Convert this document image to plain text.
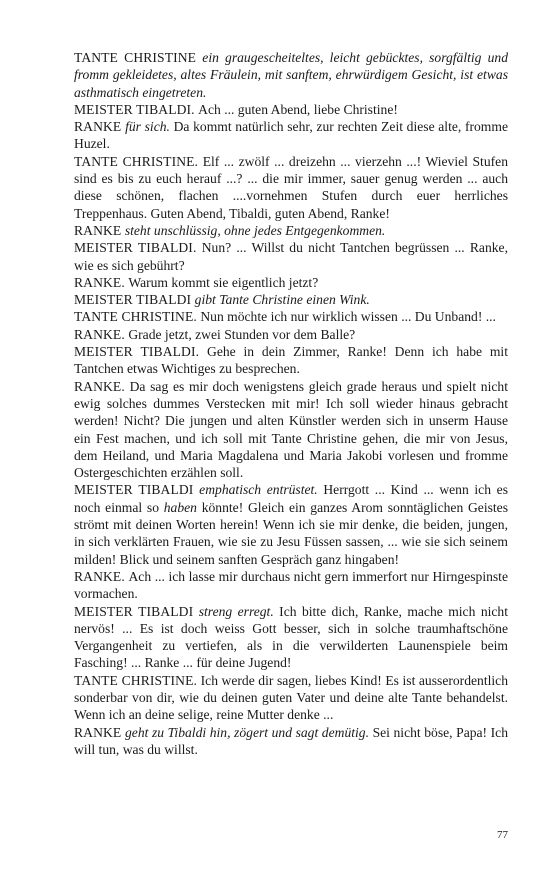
TANTE CHRISTINE ein graugescheiteltes, leicht gebücktes, sorgfältig und fromm gekleidetes, altes Fräulein, mit sanftem, ehrwürdigem Gesicht, ist etwas asthmatisch eingetreten.

MEISTER TIBALDI. Ach ... guten Abend, liebe Christine!

RANKE für sich. Da kommt natürlich sehr, zur rechten Zeit diese alte, fromme Huzel.

TANTE CHRISTINE. Elf ... zwölf ... dreizehn ... vierzehn ...! Wieviel Stufen sind es bis zu euch herauf ...? ... die mir immer, sauer genug werden ... auch diese schönen, flachen ....vornehmen Stufen durch euer herrliches Treppenhaus. Guten Abend, Tibaldi, guten Abend, Ranke!

RANKE steht unschlüssig, ohne jedes Entgegenkommen.

MEISTER TIBALDI. Nun? ... Willst du nicht Tantchen begrüssen ... Ranke, wie es sich gebührt?

RANKE. Warum kommt sie eigentlich jetzt?

MEISTER TIBALDI gibt Tante Christine einen Wink.

TANTE CHRISTINE. Nun möchte ich nur wirklich wissen ... Du Unband! ...

RANKE. Grade jetzt, zwei Stunden vor dem Balle?

MEISTER TIBALDI. Gehe in dein Zimmer, Ranke! Denn ich habe mit Tantchen etwas Wichtiges zu besprechen.

RANKE. Da sag es mir doch wenigstens gleich grade heraus und spielt nicht ewig solches dummes Verstecken mit mir! Ich soll wieder hinaus gebracht werden! Nicht? Die jungen und alten Künstler werden sich in unserm Hause ein Fest machen, und ich soll mit Tante Christine gehen, die mir von Jesus, dem Heiland, und Maria Magdalena und Maria Jakobi vorlesen und fromme Ostergeschichten erzählen soll.

MEISTER TIBALDI emphatisch entrüstet. Herrgott ... Kind ... wenn ich es noch einmal so haben könnte! Gleich ein ganzes Arom sonntäglichen Geistes strömt mit deinen Worten herein! Wenn ich sie mir denke, die beiden, jungen, in sich verklärten Frauen, wie sie zu Jesu Füssen sassen, ... wie sie sich seinem milden! Blick und seinem sanften Gespräch ganz hingaben!

RANKE. Ach ... ich lasse mir durchaus nicht gern immerfort nur Hirngespinste vormachen.

MEISTER TIBALDI streng erregt. Ich bitte dich, Ranke, mache mich nicht nervös! ... Es ist doch weiss Gott besser, sich in solche traumhaftschöne Vergangenheit zu vertiefen, als in die verwilderten Launenspiele beim Fasching! ... Ranke ... für deine Jugend!

TANTE CHRISTINE. Ich werde dir sagen, liebes Kind! Es ist ausserordentlich sonderbar von dir, wie du deinen guten Vater und deine alte Tante behandelst. Wenn ich an deine selige, reine Mutter denke ...

RANKE geht zu Tibaldi hin, zögert und sagt demütig. Sei nicht böse, Papa! Ich will tun, was du willst.

77
